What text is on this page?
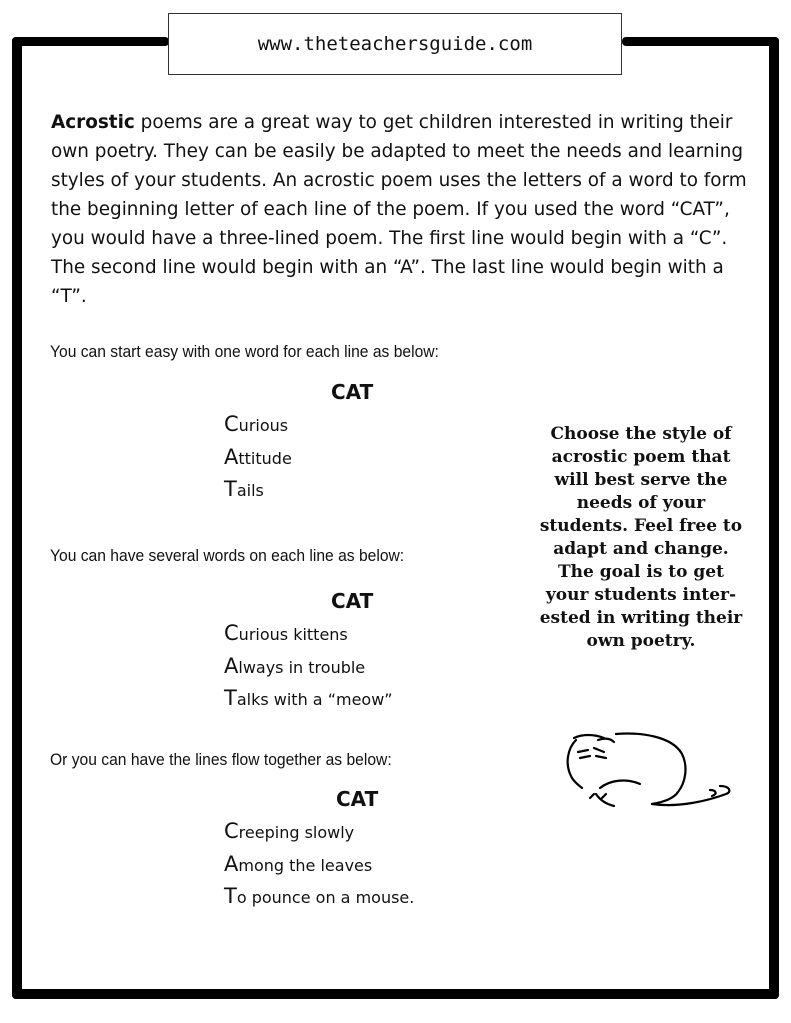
www.theteachersguide.com
Acrostic poems are a great way to get children interested in writing their own poetry. They can be easily be adapted to meet the needs and learning styles of your students. An acrostic poem uses the letters of a word to form the beginning letter of each line of the poem. If you used the word “CAT”, you would have a three-lined poem. The first line would begin with a “C”. The second line would begin with an “A”. The last line would begin with a “T”.
You can start easy with one word for each line as below:
CAT
Curious
Attitude
Tails
You can have several words on each line as below:
CAT
Curious kittens
Always in trouble
Talks with a “meow”
Or you can have the lines flow together as below:
CAT
Creeping slowly
Among the leaves
To pounce on a mouse.
Choose the style of acrostic poem that will best serve the needs of your students. Feel free to adapt and change. The goal is to get your students inter- ested in writing their own poetry.
